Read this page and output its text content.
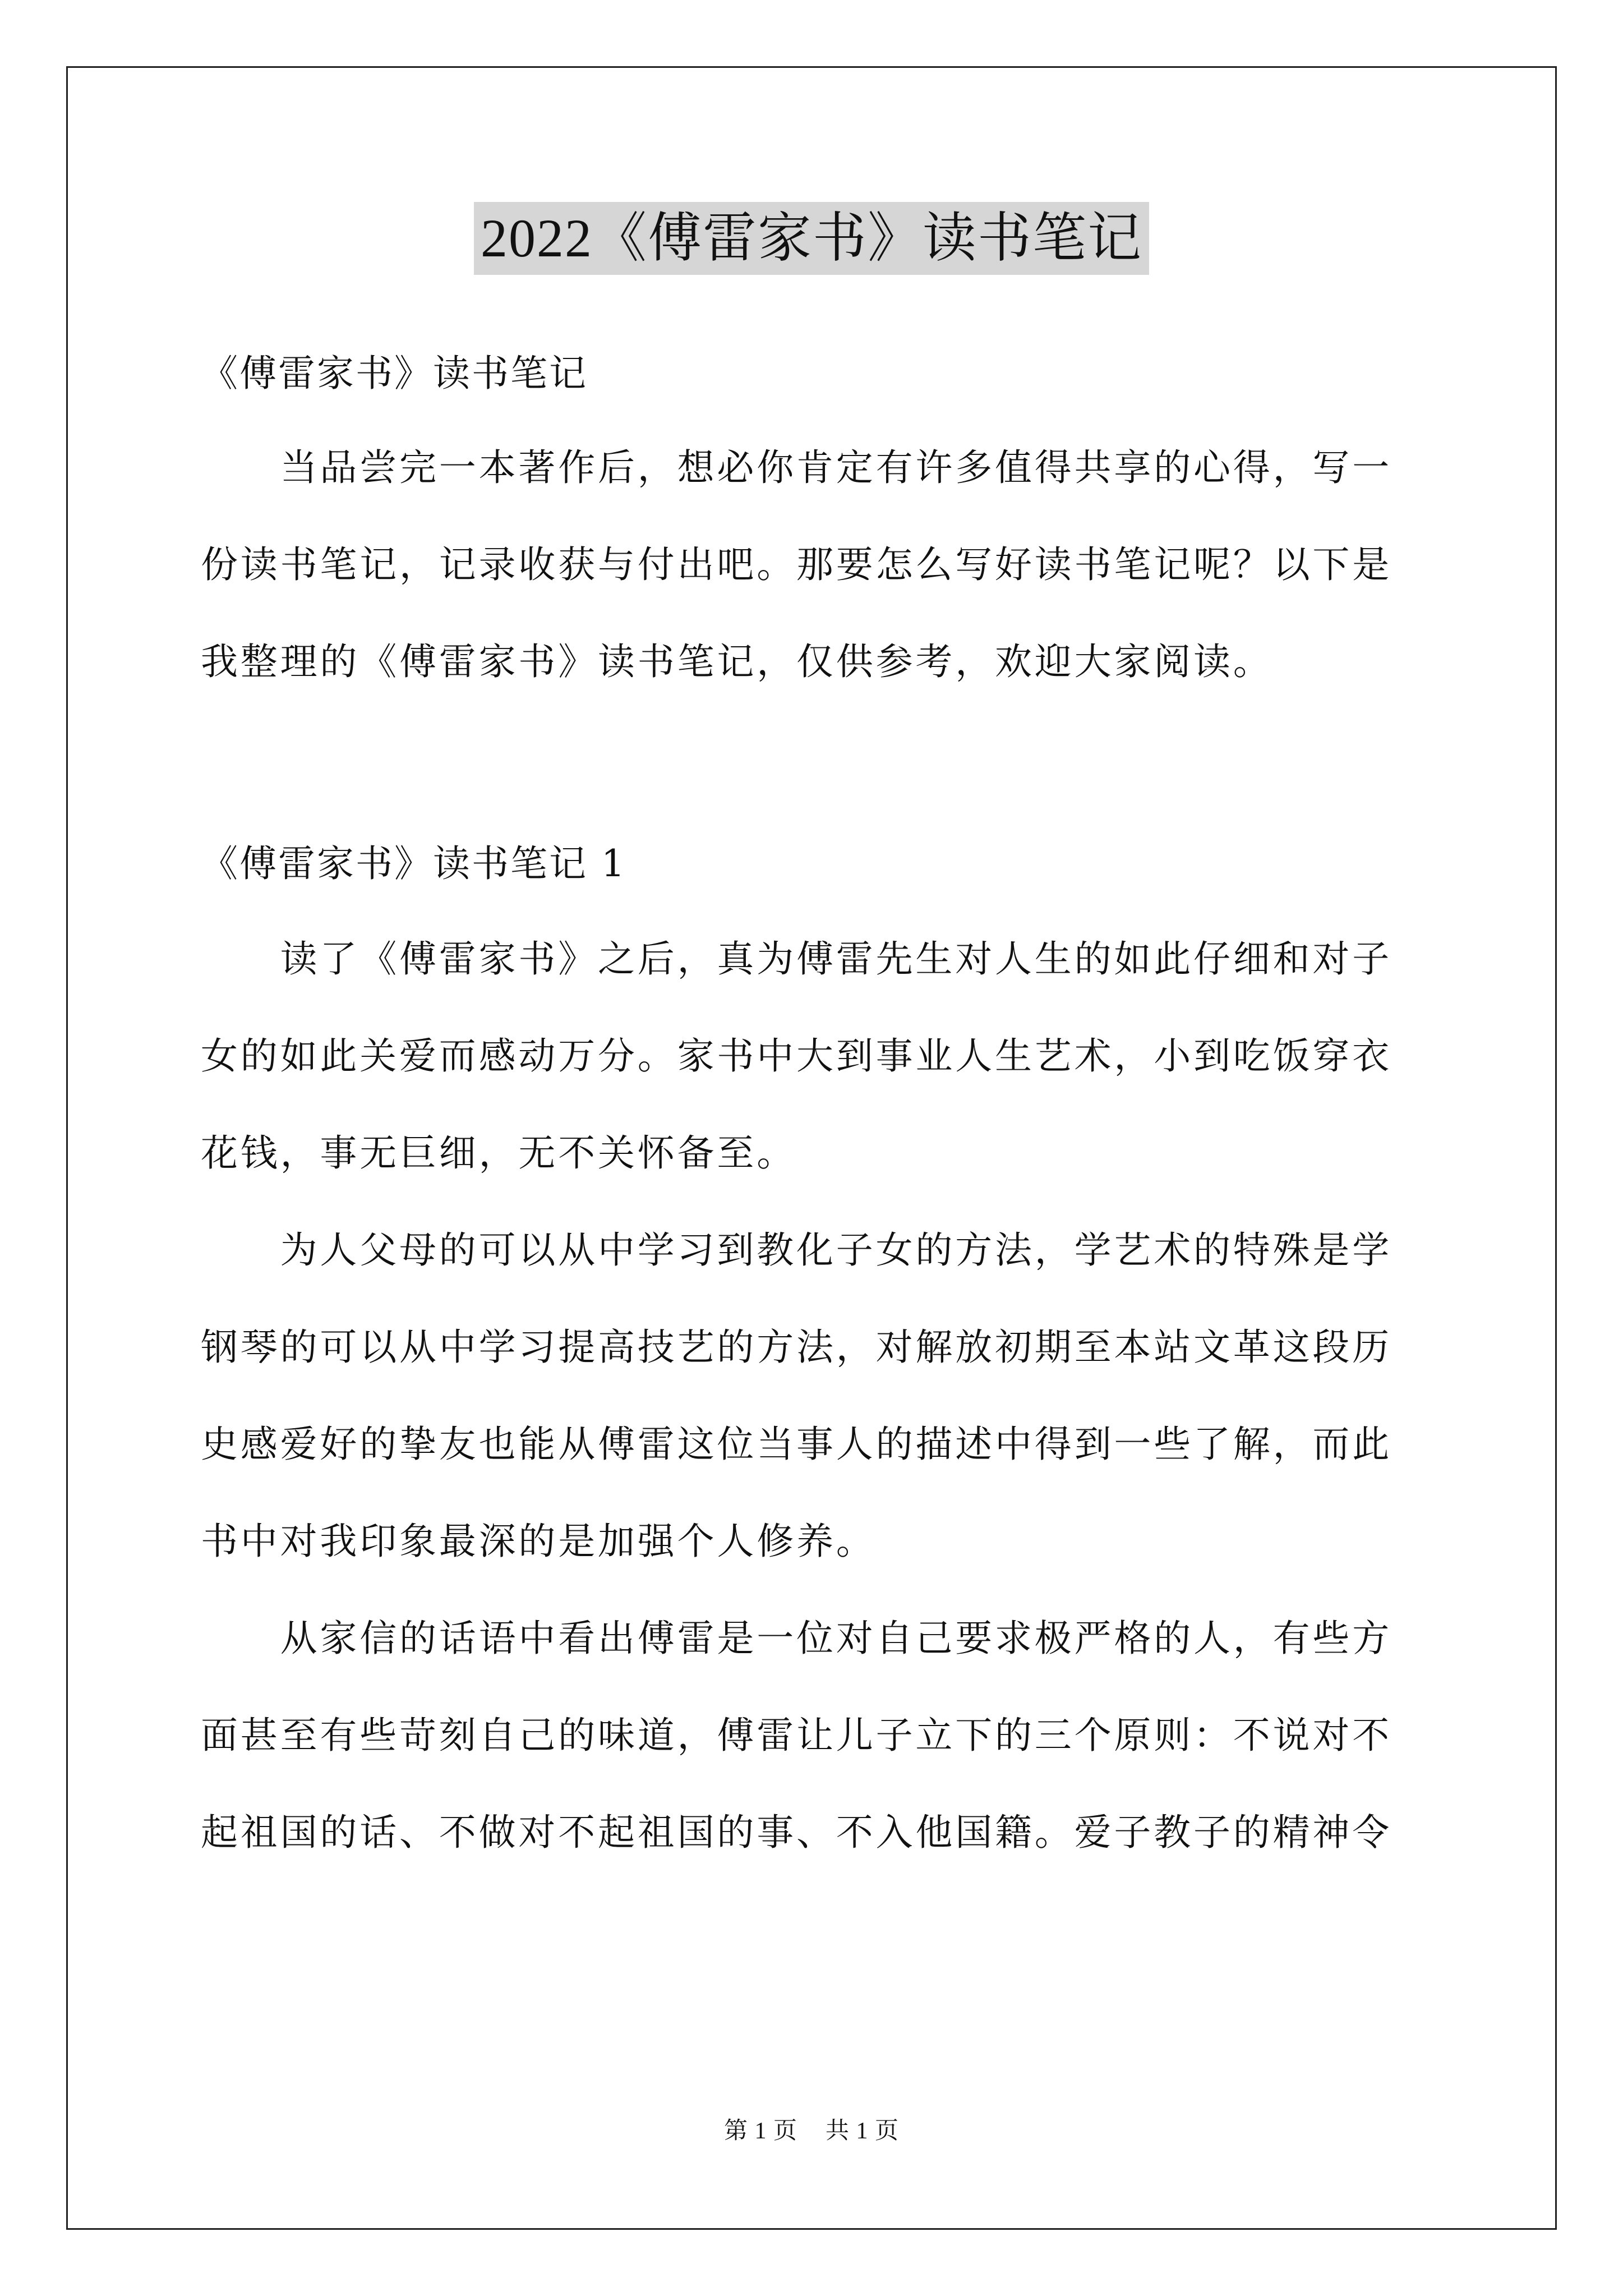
2022《傅雷家书》读书笔记
《傅雷家书》读书笔记
　　当品尝完一本著作后，想必你肯定有许多值得共享的心得，写一
份读书笔记，记录收获与付出吧。那要怎么写好读书笔记呢？以下是
我整理的《傅雷家书》读书笔记，仅供参考，欢迎大家阅读。
《傅雷家书》读书笔记 1
　　读了《傅雷家书》之后，真为傅雷先生对人生的如此仔细和对子
女的如此关爱而感动万分。家书中大到事业人生艺术，小到吃饭穿衣
花钱，事无巨细，无不关怀备至。
　　为人父母的可以从中学习到教化子女的方法，学艺术的特殊是学
钢琴的可以从中学习提高技艺的方法，对解放初期至本站文革这段历
史感爱好的挚友也能从傅雷这位当事人的描述中得到一些了解，而此
书中对我印象最深的是加强个人修养。
　　从家信的话语中看出傅雷是一位对自己要求极严格的人，有些方
面甚至有些苛刻自己的味道，傅雷让儿子立下的三个原则：不说对不
起祖国的话、不做对不起祖国的事、不入他国籍。爱子教子的精神令
第 1 页 共 1 页
